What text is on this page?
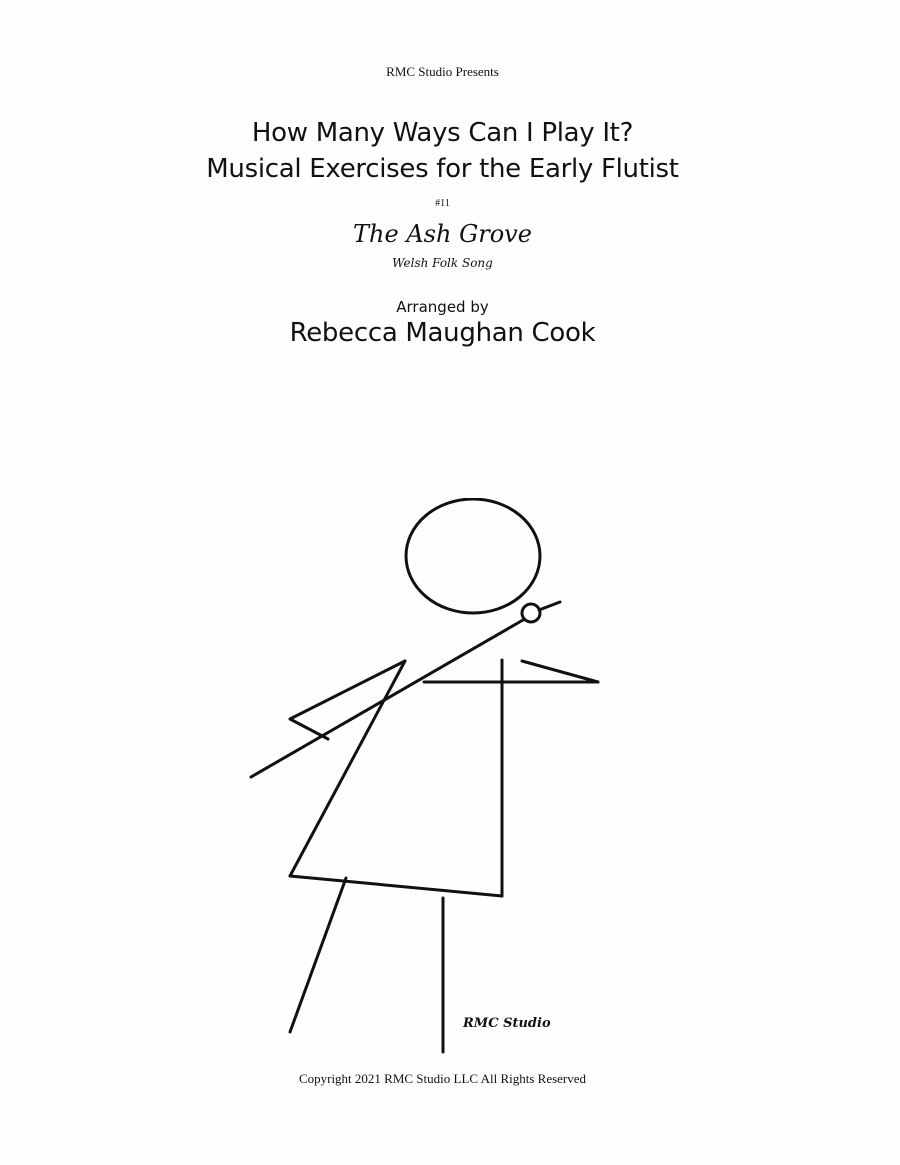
RMC Studio Presents
How Many Ways Can I Play It?
Musical Exercises for the Early Flutist
#11
The Ash Grove
Welsh Folk Song
Arranged by
Rebecca Maughan Cook
RMC Studio
Copyright 2021 RMC Studio LLC All Rights Reserved
